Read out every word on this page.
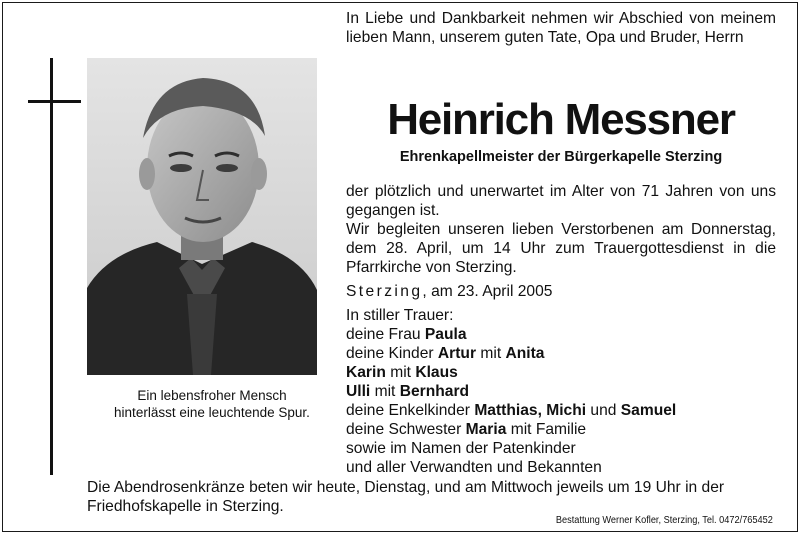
Ein lebensfroher Mensch
hinterlässt eine leuchtende Spur.
In Liebe und Dankbarkeit nehmen wir Abschied von meinem lieben Mann, unserem guten Tate, Opa und Bruder, Herrn
Heinrich Messner
Ehrenkapellmeister der Bürgerkapelle Sterzing

der plötzlich und unerwartet im Alter von 71 Jahren von uns gegangen ist.

Wir begleiten unseren lieben Verstorbenen am Donnerstag, dem 28. April, um 14 Uhr zum Trauergottesdienst in die Pfarrkirche von Sterzing.

Sterzing, am 23. April 2005
In stiller Trauer:
deine Frau Paula
deine Kinder Artur mit Anita
Karin mit Klaus
Ulli mit Bernhard
deine Enkelkinder Matthias, Michi und Samuel
deine Schwester Maria mit Familie
sowie im Namen der Patenkinder
und aller Verwandten und Bekannten
Die Abendrosenkränze beten wir heute, Dienstag, und am Mittwoch jeweils um 19 Uhr in der Friedhofskapelle in Sterzing.
Bestattung Werner Kofler, Sterzing, Tel. 0472/765452
